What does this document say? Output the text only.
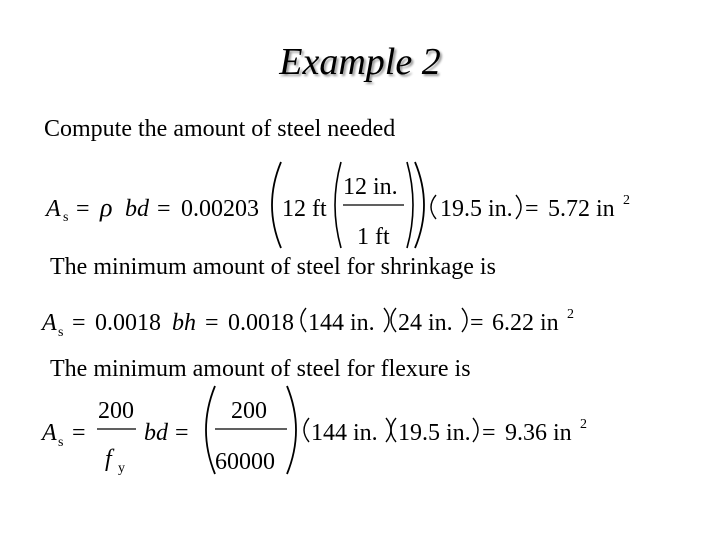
Example 2
Compute the amount of steel needed
A s = ρ bd = 0.00203 12 ft
12 in.
1 ft
19.5 in. = 5.72 in 2
The minimum amount of steel for shrinkage is
A s = 0.0018 bh = 0.0018 144 in. 24 in. = 6.22 in 2
The minimum amount of steel for flexure is
A s =
200
f y
bd =
200
60000
144 in. 19.5 in. = 9.36 in 2
